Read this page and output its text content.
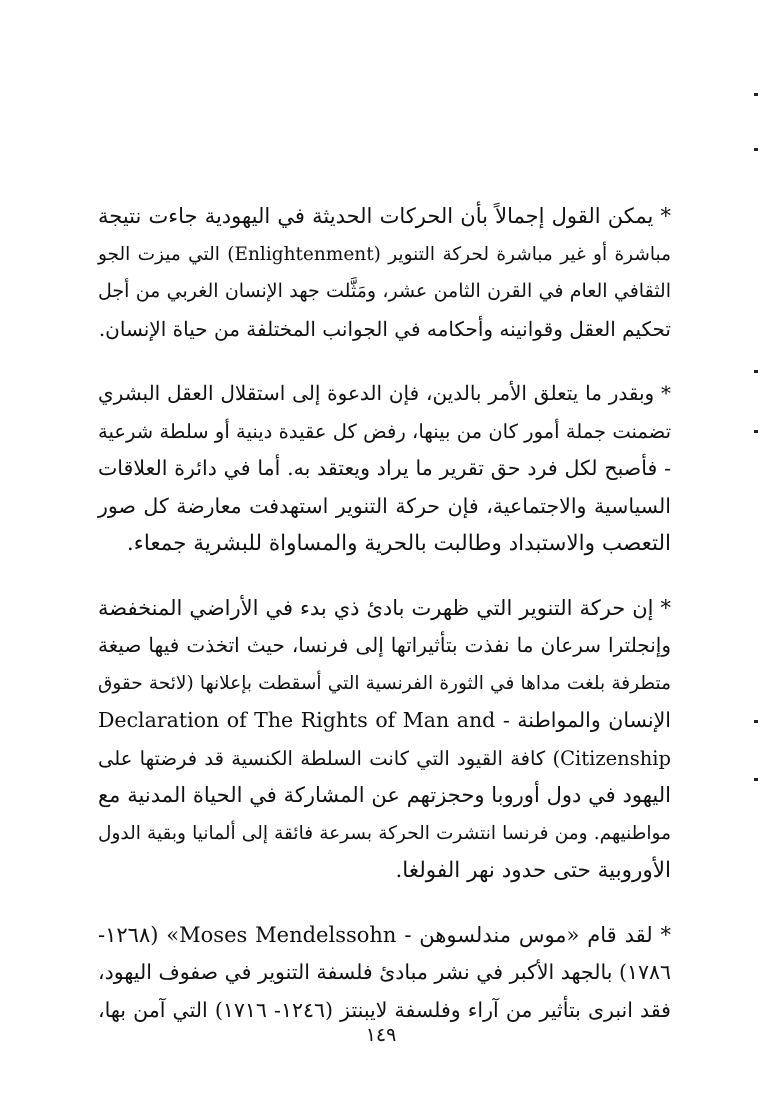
* يمكن القول إجمالاً بأن الحركات الحديثة في اليهودية جاءت نتيجة
مباشرة أو غير مباشرة لحركة التنوير (Enlightenment) التي ميزت الجو
الثقافي العام في القرن الثامن عشر، ومَثَّلت جهد الإنسان الغربي من أجل
تحكيم العقل وقوانينه وأحكامه في الجوانب المختلفة من حياة الإنسان.

* وبقدر ما يتعلق الأمر بالدين، فإن الدعوة إلى استقلال العقل البشري
تضمنت جملة أمور كان من بينها، رفض كل عقيدة دينية أو سلطة شرعية
- فأصبح لكل فرد حق تقرير ما يراد ويعتقد به. أما في دائرة العلاقات
السياسية والاجتماعية، فإن حركة التنوير استهدفت معارضة كل صور
التعصب والاستبداد وطالبت بالحرية والمساواة للبشرية جمعاء.

* إن حركة التنوير التي ظهرت بادئ ذي بدء في الأراضي المنخفضة
وإنجلترا سرعان ما نفذت بتأثيراتها إلى فرنسا، حيث اتخذت فيها صيغة
متطرفة بلغت مداها في الثورة الفرنسية التي أسقطت بإعلانها (لائحة حقوق
الإنسان والمواطنة - Declaration of The Rights of Man and
Citizenship) كافة القيود التي كانت السلطة الكنسية قد فرضتها على
اليهود في دول أوروبا وحجزتهم عن المشاركة في الحياة المدنية مع
مواطنيهم. ومن فرنسا انتشرت الحركة بسرعة فائقة إلى ألمانيا وبقية الدول
الأوروبية حتى حدود نهر الفولغا.

* لقد قام «موس مندلسوهن - Moses Mendelssohn» (١٢٦٨-
١٧٨٦) بالجهد الأكبر في نشر مبادئ فلسفة التنوير في صفوف اليهود،
فقد انبرى بتأثير من آراء وفلسفة لايبنتز (١٢٤٦- ١٧١٦) التي آمن بها،

١٤٩
